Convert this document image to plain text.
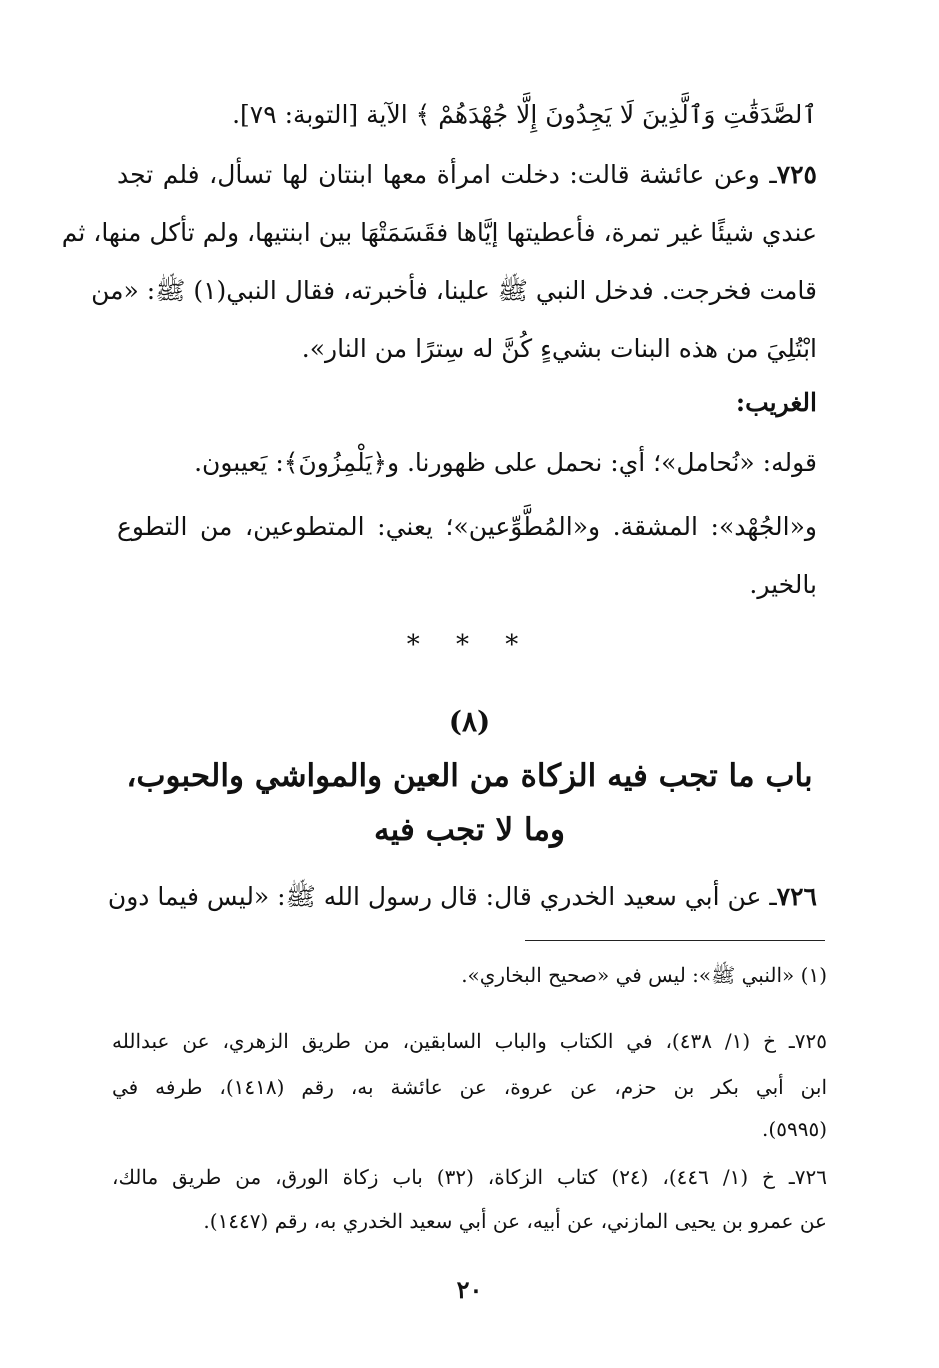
ٱلصَّدَقَٰتِ وَٱلَّذِينَ لَا يَجِدُونَ إِلَّا جُهْدَهُمْ ﴾ الآية [التوبة: ٧٩].
٧٢٥ـ وعن عائشة قالت: دخلت امرأة معها ابنتان لها تسأل، فلم تجد
عندي شيئًا غير تمرة، فأعطيتها إيَّاها فقَسَمَتْهَا بين ابنتيها، ولم تأكل منها، ثم
قامت فخرجت. فدخل النبي ﷺ علينا، فأخبرته، فقال النبي(١) ﷺ: «من
ابْتُلِيَ من هذه البنات بشيءٍ كُنَّ له سِترًا من النار».
الغريب:
قوله: «نُحامل»؛ أي: نحمل على ظهورنا. و﴿يَلْمِزُونَ﴾: يَعيبون.
و«الجُهْد»: المشقة. و«المُطَّوِّعين»؛ يعني: المتطوعين، من التطوع
بالخير.
* * *
(٨)
باب ما تجب فيه الزكاة من العين والمواشي والحبوب،
وما لا تجب فيه
٧٢٦ـ عن أبي سعيد الخدري قال: قال رسول الله ﷺ: «ليس فيما دون
(١) «النبي ﷺ»: ليس في «صحيح البخاري».
٧٢٥ـ خ (١/ ٤٣٨)، في الكتاب والباب السابقين، من طريق الزهري، عن عبدالله
ابن أبي بكر بن حزم، عن عروة، عن عائشة به، رقم (١٤١٨)، طرفه في
(٥٩٩٥).
٧٢٦ـ خ (١/ ٤٤٦)، (٢٤) كتاب الزكاة، (٣٢) باب زكاة الورق، من طريق مالك،
عن عمرو بن يحيى المازني، عن أبيه، عن أبي سعيد الخدري به، رقم (١٤٤٧).
٢٠
